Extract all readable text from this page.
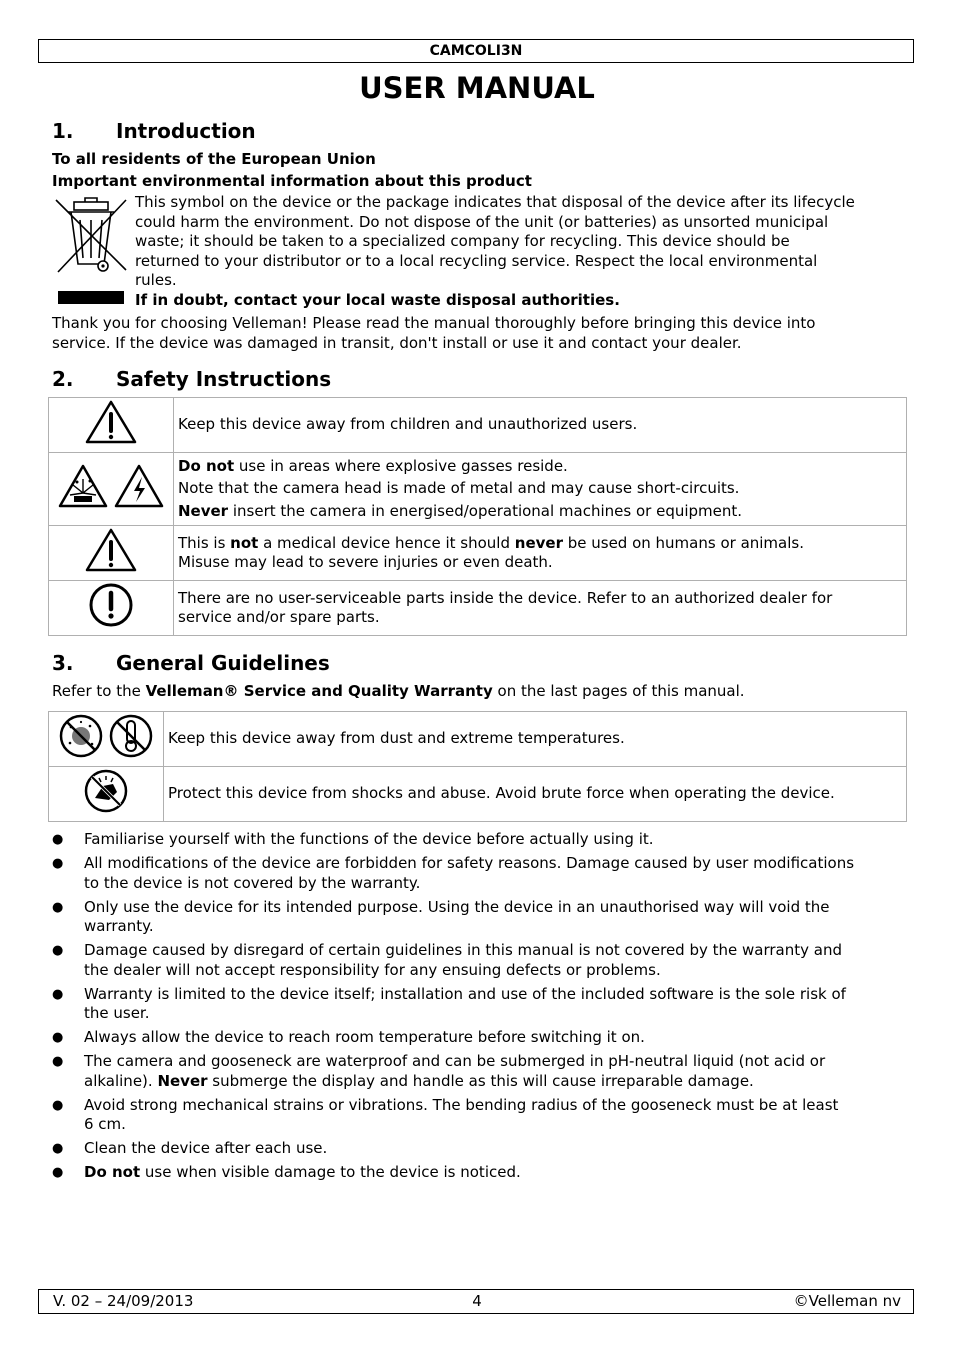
CAMCOLI3N
USER MANUAL
1. Introduction
To all residents of the European Union
Important environmental information about this product
This symbol on the device or the package indicates that disposal of the device after its lifecycle
could harm the environment. Do not dispose of the unit (or batteries) as unsorted municipal
waste; it should be taken to a specialized company for recycling. This device should be
returned to your distributor or to a local recycling service. Respect the local environmental
rules.
If in doubt, contact your local waste disposal authorities.
Thank you for choosing Velleman! Please read the manual thoroughly before bringing this device into
service. If the device was damaged in transit, don't install or use it and contact your dealer.
2. Safety Instructions
	Keep this device away from children and unauthorized users.

Do not use in areas where explosive gasses reside.
Note that the camera head is made of metal and may cause short-circuits.
Never insert the camera in energised/operational machines or equipment.

This is not a medical device hence it should never be used on humans or animals.
Misuse may lead to severe injuries or even death.

There are no user-serviceable parts inside the device. Refer to an authorized dealer for
service and/or spare parts.
3. General Guidelines
Refer to the Velleman® Service and Quality Warranty on the last pages of this manual.
	Keep this device away from dust and extreme temperatures.
	Protect this device from shocks and abuse. Avoid brute force when operating the device.
● Familiarise yourself with the functions of the device before actually using it.
● All modifications of the device are forbidden for safety reasons. Damage caused by user modifications
to the device is not covered by the warranty.
● Only use the device for its intended purpose. Using the device in an unauthorised way will void the
warranty.
● Damage caused by disregard of certain guidelines in this manual is not covered by the warranty and
the dealer will not accept responsibility for any ensuing defects or problems.
● Warranty is limited to the device itself; installation and use of the included software is the sole risk of
the user.
● Always allow the device to reach room temperature before switching it on.
● The camera and gooseneck are waterproof and can be submerged in pH-neutral liquid (not acid or
alkaline). Never submerge the display and handle as this will cause irreparable damage.
● Avoid strong mechanical strains or vibrations. The bending radius of the gooseneck must be at least
6 cm.
● Clean the device after each use.
● Do not use when visible damage to the device is noticed.
4
V. 02 – 24/09/2013	©Velleman nv
